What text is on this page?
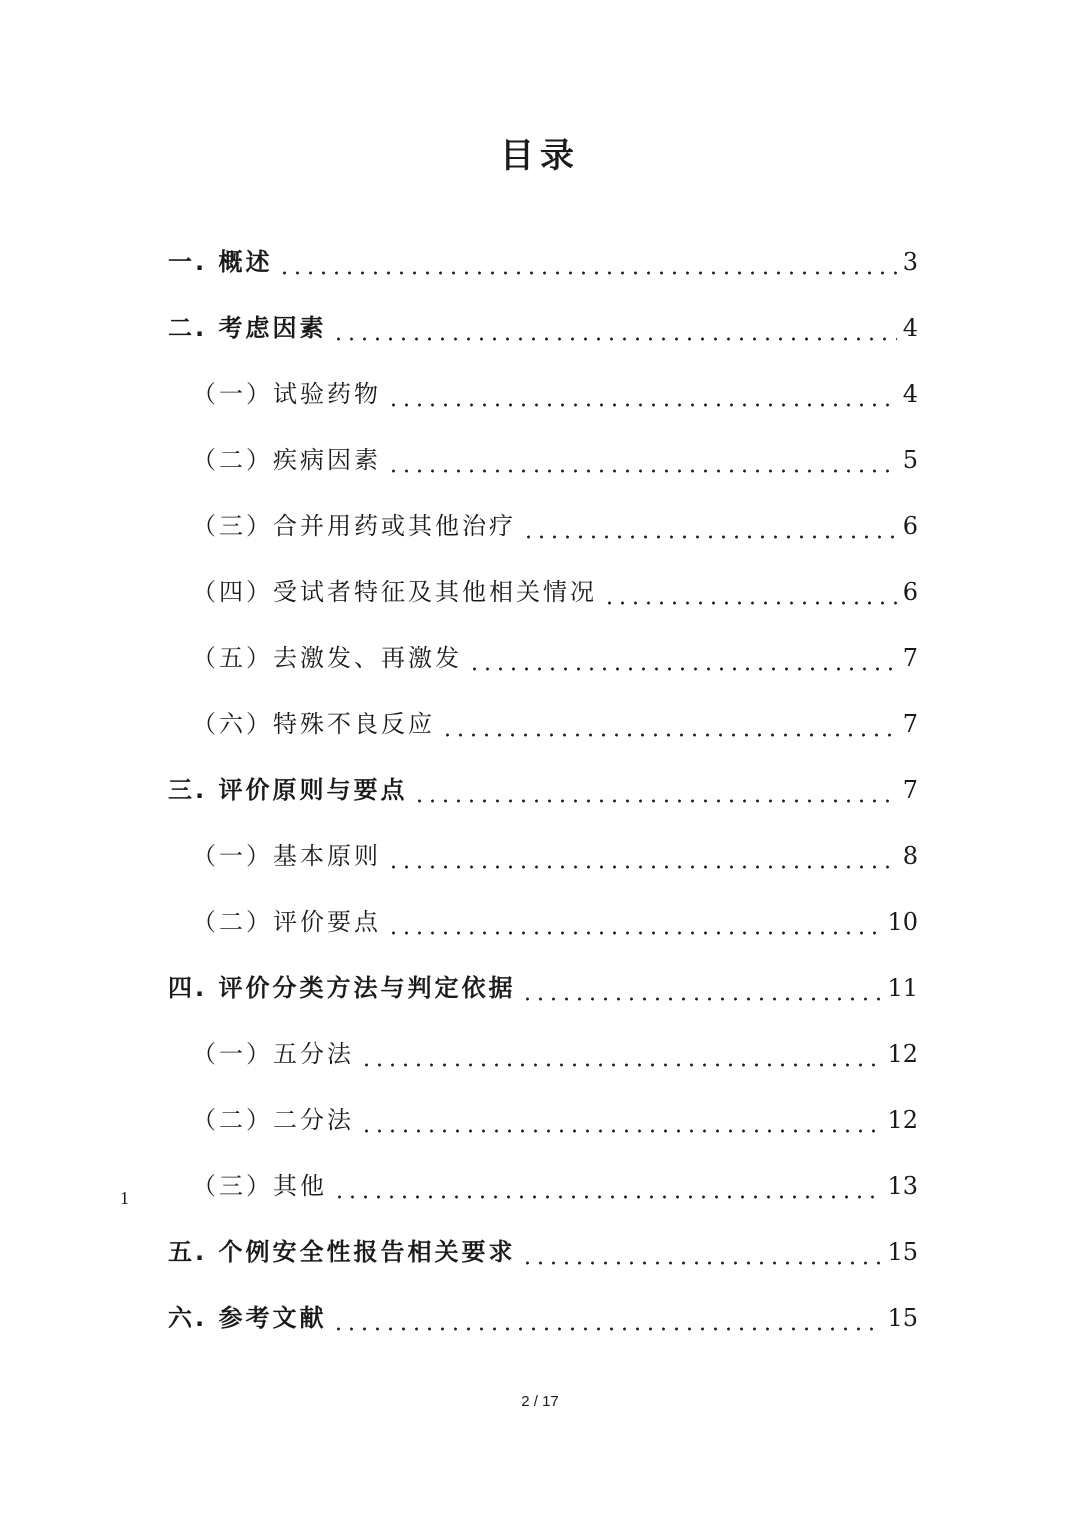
目录
一. 概述	3
二. 考虑因素	4
（一）试验药物	4
（二）疾病因素	5
（三）合并用药或其他治疗	6
（四）受试者特征及其他相关情况	6
（五）去激发、再激发	7
（六）特殊不良反应	7
三. 评价原则与要点	7
（一）基本原则	8
（二）评价要点	10
四. 评价分类方法与判定依据	11
（一）五分法	12
（二）二分法	12
（三）其他	13
五. 个例安全性报告相关要求	15
六. 参考文献	15
1
2 / 17
